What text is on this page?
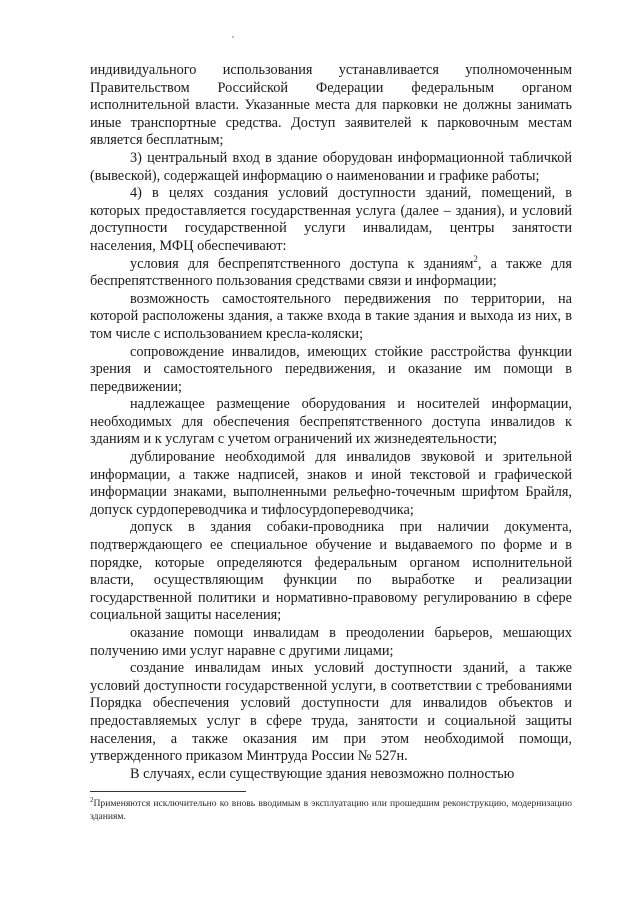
индивидуального использования устанавливается уполномоченным Правительством Российской Федерации федеральным органом исполнительной власти. Указанные места для парковки не должны занимать иные транспортные средства. Доступ заявителей к парковочным местам является бесплатным;

3) центральный вход в здание оборудован информационной табличкой (вывеской), содержащей информацию о наименовании и графике работы;

4) в целях создания условий доступности зданий, помещений, в которых предоставляется государственная услуга (далее – здания), и условий доступности государственной услуги инвалидам, центры занятости населения, МФЦ обеспечивают:

условия для беспрепятственного доступа к зданиям$^2$, а также для беспрепятственного пользования средствами связи и информации;

возможность самостоятельного передвижения по территории, на которой расположены здания, а также входа в такие здания и выхода из них, в том числе с использованием кресла-коляски;

сопровождение инвалидов, имеющих стойкие расстройства функции зрения и самостоятельного передвижения, и оказание им помощи в передвижении;

надлежащее размещение оборудования и носителей информации, необходимых для обеспечения беспрепятственного доступа инвалидов к зданиям и к услугам с учетом ограничений их жизнедеятельности;

дублирование необходимой для инвалидов звуковой и зрительной информации, а также надписей, знаков и иной текстовой и графической информации знаками, выполненными рельефно-точечным шрифтом Брайля, допуск сурдопереводчика и тифлосурдопереводчика;

допуск в здания собаки-проводника при наличии документа, подтверждающего ее специальное обучение и выдаваемого по форме и в порядке, которые определяются федеральным органом исполнительной власти, осуществляющим функции по выработке и реализации государственной политики и нормативно-правовому регулированию в сфере социальной защиты населения;

оказание помощи инвалидам в преодолении барьеров, мешающих получению ими услуг наравне с другими лицами;

создание инвалидам иных условий доступности зданий, а также условий доступности государственной услуги, в соответствии с требованиями Порядка обеспечения условий доступности для инвалидов объектов и предоставляемых услуг в сфере труда, занятости и социальной защиты населения, а также оказания им при этом необходимой помощи, утвержденного приказом Минтруда России № 527н.

В случаях, если существующие здания невозможно полностью

$^2$Применяются исключительно ко вновь вводимым в эксплуатацию или прошедшим реконструкцию, модернизацию зданиям.
